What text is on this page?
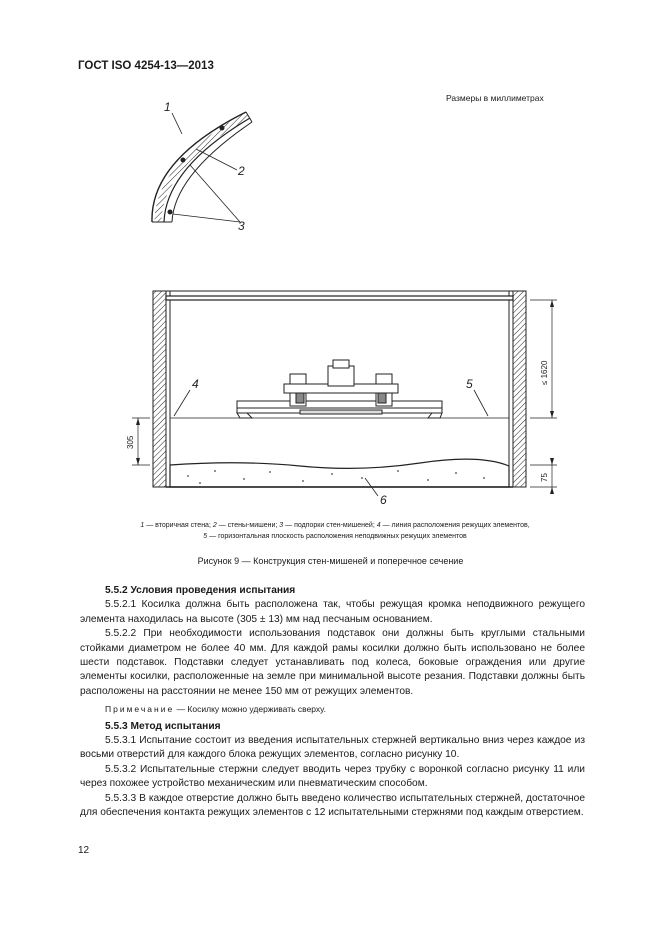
ГОСТ ISO 4254-13—2013
Размеры в миллиметрах
1
2
3
4	5
6
≤ 1620
305
75
1 — вторичная стена; 2 — стены-мишени; 3 — подпорки стен-мишеней; 4 — линия расположения режущих элементов,
5 — горизонтальная плоскость расположения неподвижных режущих элементов
Рисунок 9 — Конструкция стен-мишеней и поперечное сечение
5.5.2 Условия проведения испытания

5.5.2.1 Косилка должна быть расположена так, чтобы режущая кромка неподвижного режущего элемента находилась на высоте (305 ± 13) мм над песчаным основанием.

5.5.2.2 При необходимости использования подставок они должны быть круглыми стальными стойками диаметром не более 40 мм. Для каждой рамы косилки должно быть использовано не более шести подставок. Подставки следует устанавливать под колеса, боковые ограждения или другие элементы косилки, расположенные на земле при минимальной высоте резания. Подставки должны быть расположены на расстоянии не менее 150 мм от режущих элементов.

Примечание — Косилку можно удерживать сверху.

5.5.3 Метод испытания

5.5.3.1 Испытание состоит из введения испытательных стержней вертикально вниз через каждое из восьми отверстий для каждого блока режущих элементов, согласно рисунку 10.

5.5.3.2 Испытательные стержни следует вводить через трубку с воронкой согласно рисунку 11 или через похожее устройство механическим или пневматическим способом.

5.5.3.3 В каждое отверстие должно быть введено количество испытательных стержней, достаточное для обеспечения контакта режущих элементов с 12 испытательными стержнями под каждым отверстием.

12
